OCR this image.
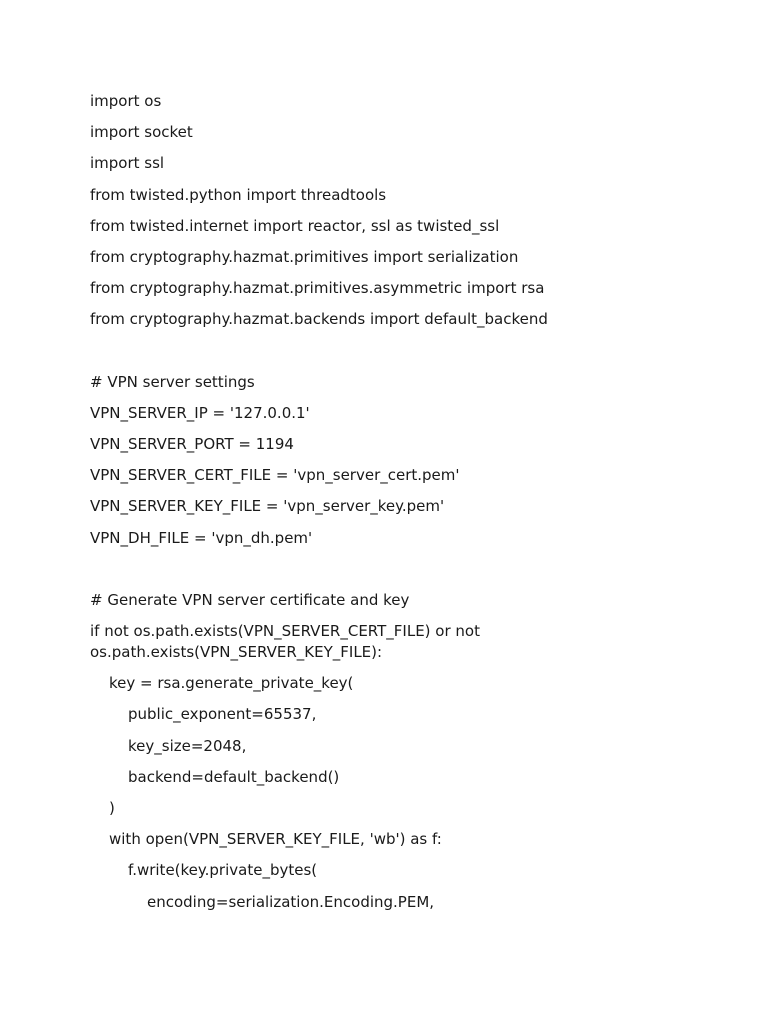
import os
import socket
import ssl
from twisted.python import threadtools
from twisted.internet import reactor, ssl as twisted_ssl
from cryptography.hazmat.primitives import serialization
from cryptography.hazmat.primitives.asymmetric import rsa
from cryptography.hazmat.backends import default_backend
# VPN server settings
VPN_SERVER_IP = '127.0.0.1'
VPN_SERVER_PORT = 1194
VPN_SERVER_CERT_FILE = 'vpn_server_cert.pem'
VPN_SERVER_KEY_FILE = 'vpn_server_key.pem'
VPN_DH_FILE = 'vpn_dh.pem'
# Generate VPN server certificate and key
if not os.path.exists(VPN_SERVER_CERT_FILE) or not os.path.exists(VPN_SERVER_KEY_FILE):
key = rsa.generate_private_key(
public_exponent=65537,
key_size=2048,
backend=default_backend()
)
with open(VPN_SERVER_KEY_FILE, 'wb') as f:
f.write(key.private_bytes(
encoding=serialization.Encoding.PEM,
